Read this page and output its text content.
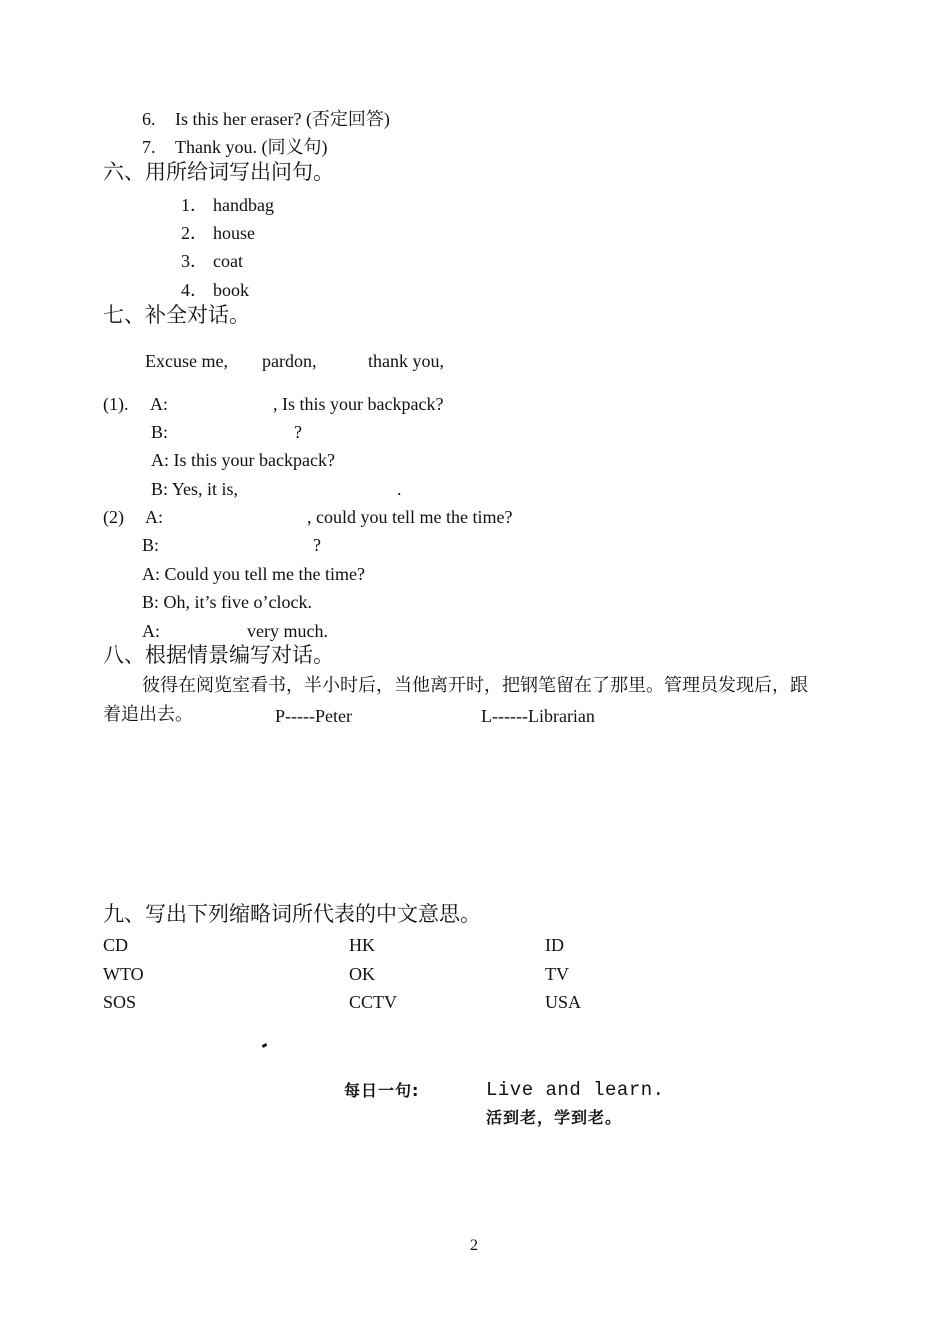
6. Is this her eraser? (否定回答)
7. Thank you. (同义句)
六、用所给词写出问句。
1． handbag
2． house
3． coat
4． book
七、补全对话。
Excuse me, pardon,	thank you,
(1). A:	, Is this your backpack?
B:	?
A: Is this your backpack?
B: Yes, it is,	.
(2) A:	, could you tell me the time?
B:	?
A: Could you tell me the time?
B: Oh, it’s five o’clock.
A:	very much.
八、根据情景编写对话。
彼得在阅览室看书，半小时后，当他离开时，把钢笔留在了那里。管理员发现后，跟
着追出去。	P-----Peter	L------Librarian
九、写出下列缩略词所代表的中文意思。
CD	HK	ID
WTO	OK	TV
SOS	CCTV	USA
每日一句:	Live and learn.
活到老，学到老。
2
